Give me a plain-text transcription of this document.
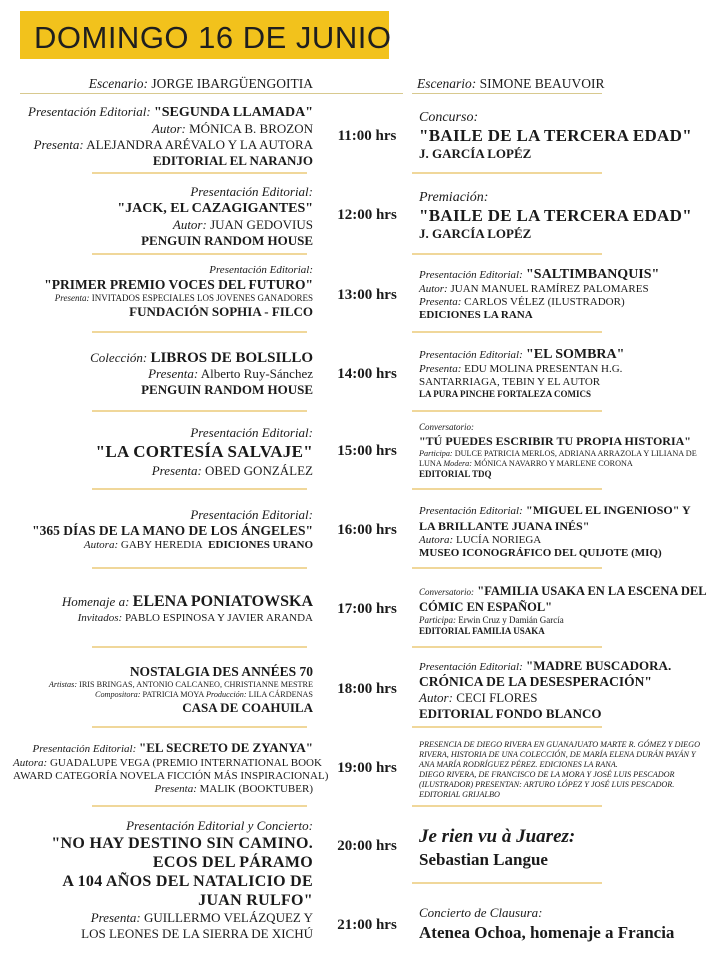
DOMINGO 16 DE JUNIO
Escenario: JORGE IBARGÜENGOITIA	Escenario: SIMONE BEAUVOIR
11:00 hrs
12:00 hrs
13:00 hrs
14:00 hrs
15:00 hrs
16:00 hrs
17:00 hrs
18:00 hrs
19:00 hrs
20:00 hrs
21:00 hrs
Presentación Editorial: "SEGUNDA LLAMADA"
Autor: MÓNICA B. BROZON
Presenta: ALEJANDRA ARÉVALO Y LA AUTORA
EDITORIAL EL NARANJO
Presentación Editorial:
"JACK, EL CAZAGIGANTES"
Autor: JUAN GEDOVIUS
PENGUIN RANDOM HOUSE
Presentación Editorial:
"PRIMER PREMIO VOCES DEL FUTURO"
Presenta: INVITADOS ESPECIALES LOS JOVENES GANADORES
FUNDACIÓN SOPHIA - FILCO
Colección: LIBROS DE BOLSILLO
Presenta: Alberto Ruy-Sánchez
PENGUIN RANDOM HOUSE
Presentación Editorial:
"LA CORTESÍA SALVAJE"
Presenta: OBED GONZÁLEZ
Presentación Editorial:
"365 DÍAS DE LA MANO DE LOS ÁNGELES"
Autora: GABY HEREDIA EDICIONES URANO
Homenaje a: ELENA PONIATOWSKA
Invitados: PABLO ESPINOSA Y JAVIER ARANDA
NOSTALGIA DES ANNÉES 70
Artistas: IRIS BRINGAS, ANTONIO CALCANEO, CHRISTIANNE MESTRE
Compositora: PATRICIA MOYA Producción: LILA CÁRDENAS
CASA DE COAHUILA
Presentación Editorial: "EL SECRETO DE ZYANYA"
Autora: GUADALUPE VEGA (PREMIO INTERNATIONAL BOOK
AWARD CATEGORÍA NOVELA FICCIÓN MÁS INSPIRACIONAL)
Presenta: MALIK (BOOKTUBER)
Presentación Editorial y Concierto:
"NO HAY DESTINO SIN CAMINO.
ECOS DEL PÁRAMO
A 104 AÑOS DEL NATALICIO DE
JUAN RULFO"
Presenta: GUILLERMO VELÁZQUEZ Y
LOS LEONES DE LA SIERRA DE XICHÚ
Concurso:
"BAILE DE LA TERCERA EDAD"
J. GARCÍA LOPÉZ
Premiación:
"BAILE DE LA TERCERA EDAD"
J. GARCÍA LOPÉZ
Presentación Editorial: "SALTIMBANQUIS"
Autor: JUAN MANUEL RAMÍREZ PALOMARES
Presenta: CARLOS VÉLEZ (ILUSTRADOR)
EDICIONES LA RANA
Presentación Editorial: "EL SOMBRA"
Presenta: EDU MOLINA PRESENTAN H.G.
SANTARRIAGA, TEBIN Y EL AUTOR
LA PURA PINCHE FORTALEZA COMICS
Conversatorio:
"TÚ PUEDES ESCRIBIR TU PROPIA HISTORIA"
Participa: DULCE PATRICIA MERLOS, ADRIANA ARRAZOLA Y LILIANA DE
LUNA Modera: MÓNICA NAVARRO Y MARLENE CORONA
EDITORIAL TDQ
Presentación Editorial: "MIGUEL EL INGENIOSO" Y
LA BRILLANTE JUANA INÉS"
Autora: LUCÍA NORIEGA
MUSEO ICONOGRÁFICO DEL QUIJOTE (MIQ)
Conversatorio: "FAMILIA USAKA EN LA ESCENA DEL
CÓMIC EN ESPAÑOL"
Participa: Erwin Cruz y Damián García
EDITORIAL FAMILIA USAKA
Presentación Editorial: "MADRE BUSCADORA.
CRÓNICA DE LA DESESPERACIÓN"
Autor: CECI FLORES
EDITORIAL FONDO BLANCO
PRESENCIA DE DIEGO RIVERA EN GUANAJUATO MARTE R. GÓMEZ Y DIEGO
RIVERA, HISTORIA DE UNA COLECCIÓN, DE MARÍA ELENA DURÁN PAYÁN Y
ANA MARÍA RODRÍGUEZ PÉREZ. EDICIONES LA RANA.
DIEGO RIVERA, DE FRANCISCO DE LA MORA Y JOSÉ LUIS PESCADOR
(ILUSTRADOR) PRESENTAN: ARTURO LÓPEZ Y JOSÉ LUIS PESCADOR.
EDITORIAL GRIJALBO
Je rien vu à Juarez:
Sebastian Langue
Concierto de Clausura:
Atenea Ochoa, homenaje a Francia
